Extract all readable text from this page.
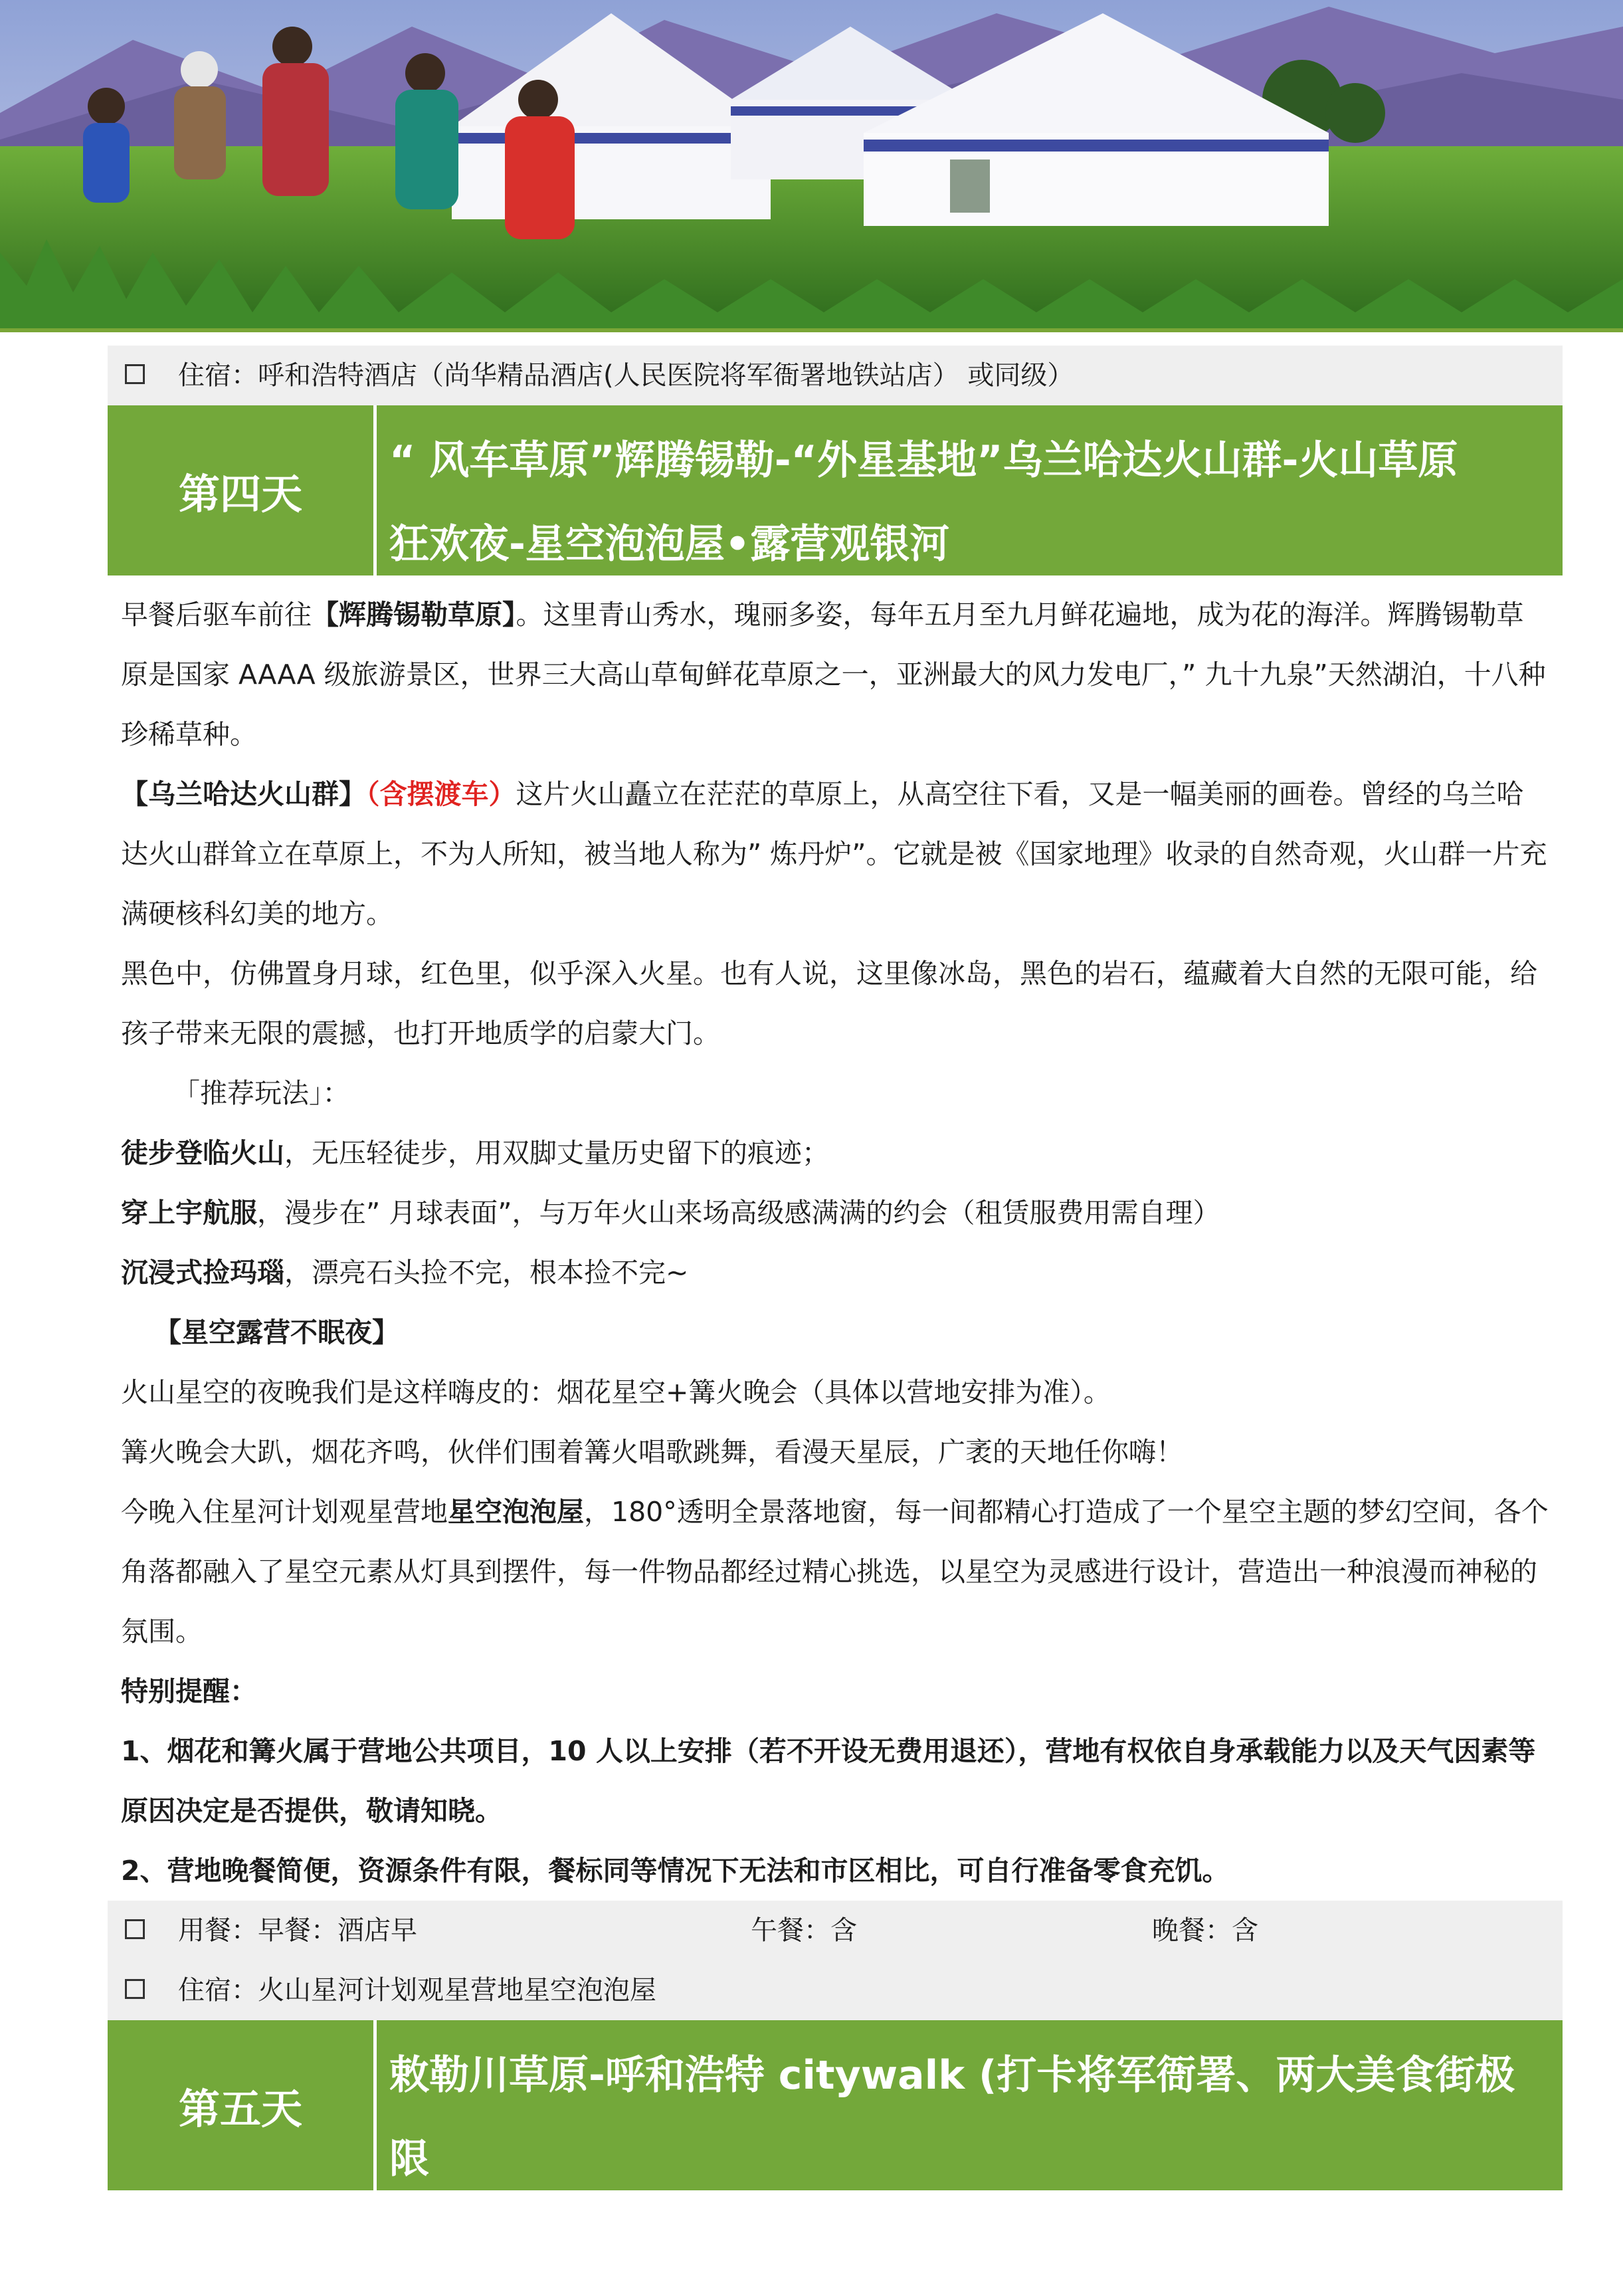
住宿：呼和浩特酒店（尚华精品酒店(人民医院将军衙署地铁站店） 或同级）
第四天
“ 风车草原”辉腾锡勒-“外星基地”乌兰哈达火山群-火山草原
狂欢夜-星空泡泡屋•露营观银河

早餐后驱车前往【辉腾锡勒草原】。这里青山秀水，瑰丽多姿，每年五月至九月鲜花遍地，成为花的海洋。辉腾锡勒草原是国家 AAAA 级旅游景区，世界三大高山草甸鲜花草原之一，亚洲最大的风力发电厂，” 九十九泉”天然湖泊，十八种珍稀草种。

【乌兰哈达火山群】（含摆渡车）这片火山矗立在茫茫的草原上，从高空往下看，又是一幅美丽的画卷。曾经的乌兰哈达火山群耸立在草原上，不为人所知，被当地人称为” 炼丹炉”。它就是被《国家地理》收录的自然奇观，火山群一片充满硬核科幻美的地方。

黑色中，仿佛置身月球，红色里，似乎深入火星。也有人说，这里像冰岛，黑色的岩石，蕴藏着大自然的无限可能，给孩子带来无限的震撼，也打开地质学的启蒙大门。

「推荐玩法」：

徒步登临火山，无压轻徒步，用双脚丈量历史留下的痕迹；

穿上宇航服，漫步在” 月球表面”，与万年火山来场高级感满满的约会（租赁服费用需自理）

沉浸式捡玛瑙，漂亮石头捡不完，根本捡不完~

【星空露营不眠夜】

火山星空的夜晚我们是这样嗨皮的：烟花星空+篝火晚会（具体以营地安排为准）。

篝火晚会大趴，烟花齐鸣，伙伴们围着篝火唱歌跳舞，看漫天星辰，广袤的天地任你嗨！

今晚入住星河计划观星营地星空泡泡屋，180°透明全景落地窗，每一间都精心打造成了一个星空主题的梦幻空间，各个角落都融入了星空元素从灯具到摆件，每一件物品都经过精心挑选，以星空为灵感进行设计，营造出一种浪漫而神秘的氛围。

特别提醒：

1、烟花和篝火属于营地公共项目，10 人以上安排（若不开设无费用退还），营地有权依自身承载能力以及天气因素等原因决定是否提供，敬请知晓。

2、营地晚餐简便，资源条件有限，餐标同等情况下无法和市区相比，可自行准备零食充饥。

用餐：早餐：酒店早	午餐：含	晚餐：含
住宿：火山星河计划观星营地星空泡泡屋
第五天
敕勒川草原-呼和浩特 citywalk (打卡将军衙署、两大美食街极限
吃喝）
